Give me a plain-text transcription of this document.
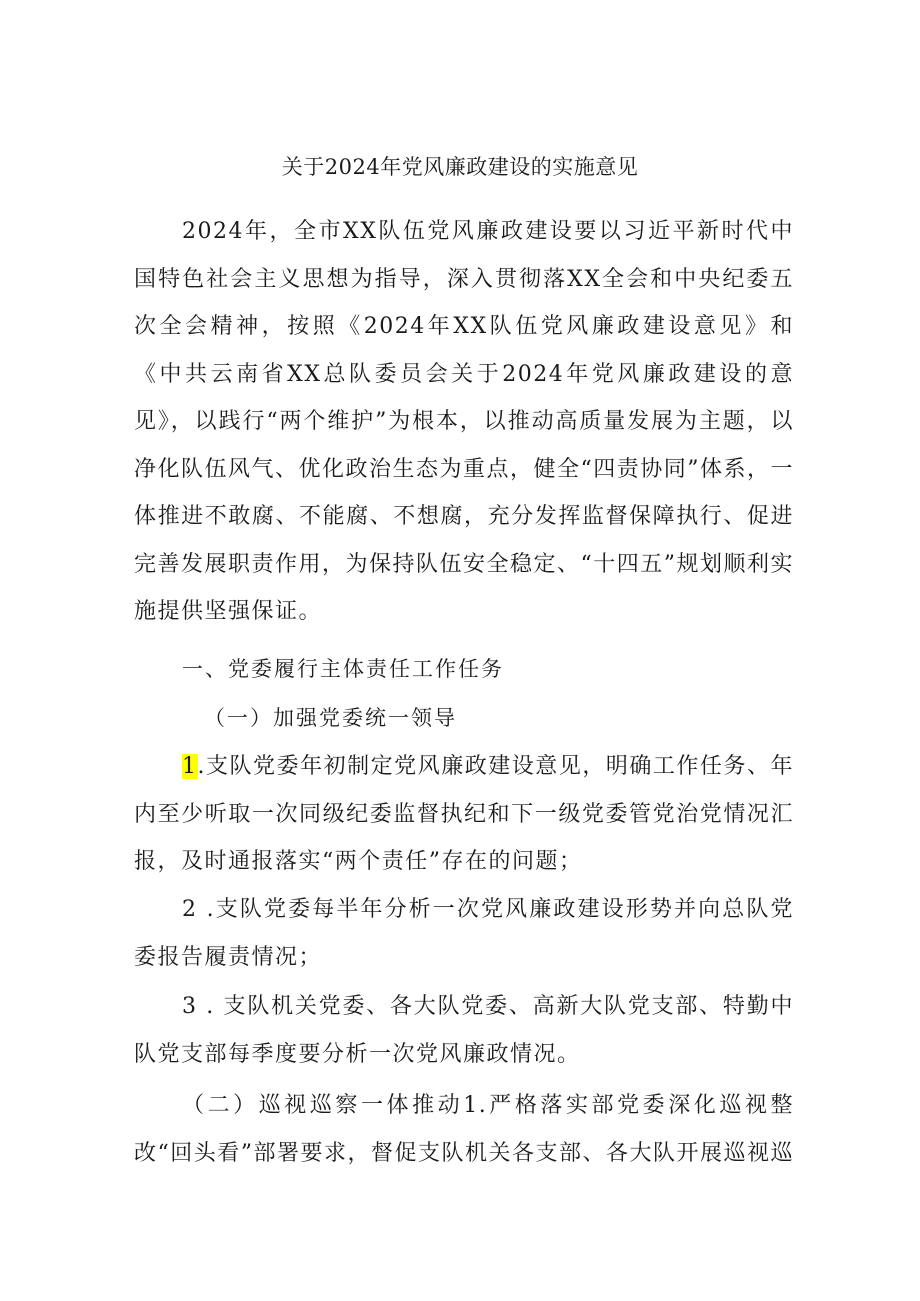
关于2024年党风廉政建设的实施意见
2024年，全市XX队伍党风廉政建设要以习近平新时代中国特色社会主义思想为指导，深入贯彻落XX全会和中央纪委五次全会精神，按照《2024年XX队伍党风廉政建设意见》和《中共云南省XX总队委员会关于2024年党风廉政建设的意见》，以践行“两个维护”为根本，以推动高质量发展为主题，以净化队伍风气、优化政治生态为重点，健全“四责协同”体系，一体推进不敢腐、不能腐、不想腐，充分发挥监督保障执行、促进完善发展职责作用，为保持队伍安全稳定、“十四五”规划顺利实施提供坚强保证。
一、党委履行主体责任工作任务
（一）加强党委统一领导
1.支队党委年初制定党风廉政建设意见，明确工作任务、年内至少听取一次同级纪委监督执纪和下一级党委管党治党情况汇报，及时通报落实“两个责任”存在的问题；
2 .支队党委每半年分析一次党风廉政建设形势并向总队党委报告履责情况；
3 . 支队机关党委、各大队党委、高新大队党支部、特勤中队党支部每季度要分析一次党风廉政情况。
（二）巡视巡察一体推动1.严格落实部党委深化巡视整改“回头看”部署要求，督促支队机关各支部、各大队开展巡视巡
